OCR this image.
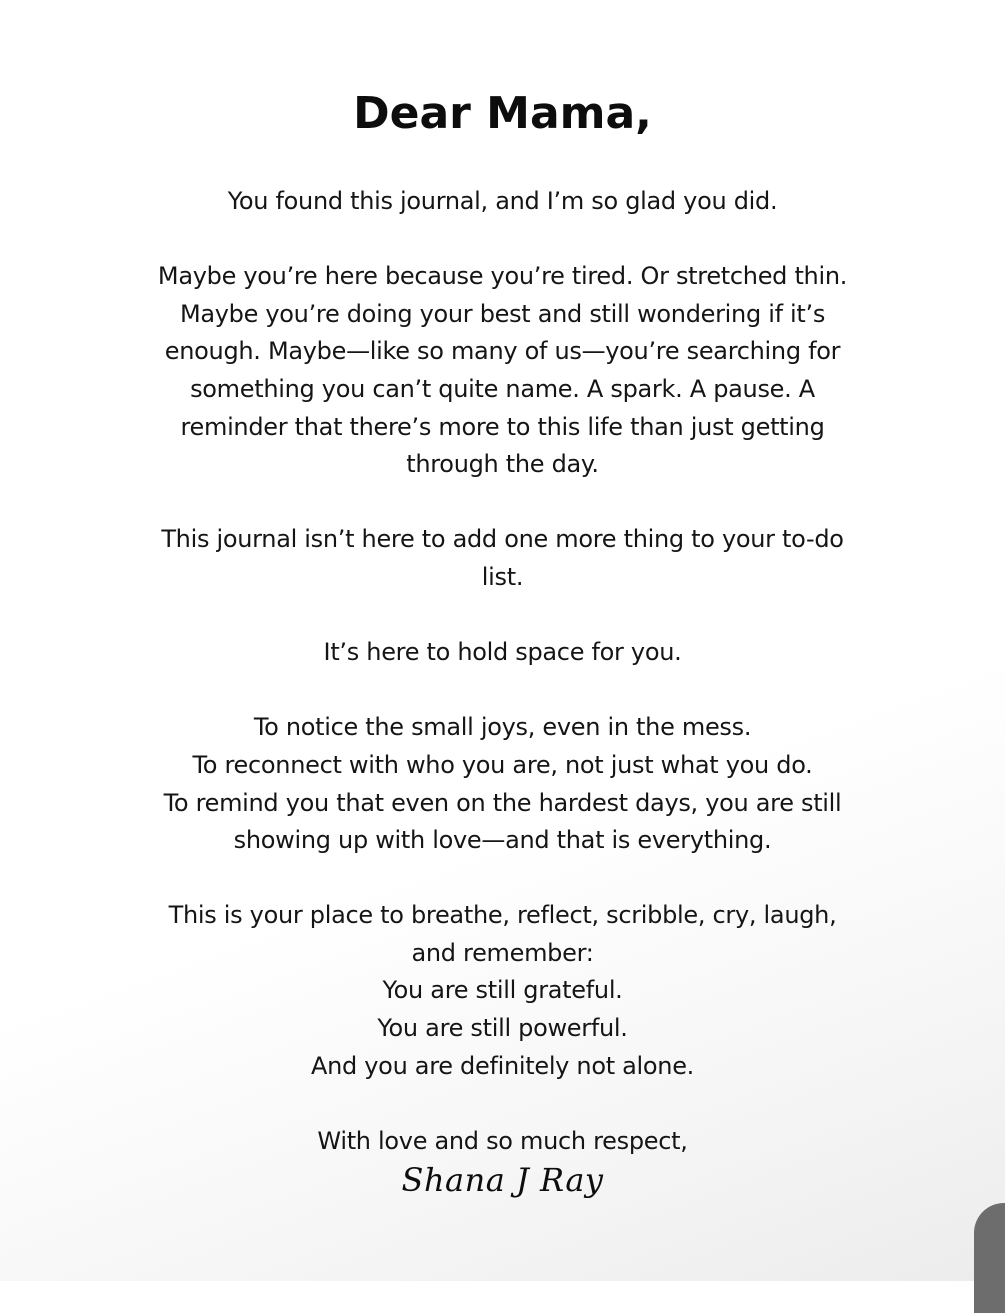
Dear Mama,

You found this journal, and I’m so glad you did.

Maybe you’re here because you’re tired. Or stretched thin.
Maybe you’re doing your best and still wondering if it’s
enough. Maybe—like so many of us—you’re searching for
something you can’t quite name. A spark. A pause. A
reminder that there’s more to this life than just getting
through the day.

This journal isn’t here to add one more thing to your to-do
list.

It’s here to hold space for you.

To notice the small joys, even in the mess.
To reconnect with who you are, not just what you do.
To remind you that even on the hardest days, you are still
showing up with love—and that is everything.

This is your place to breathe, reflect, scribble, cry, laugh,
and remember:
You are still grateful.
You are still powerful.
And you are definitely not alone.

With love and so much respect,

Shana J Ray
